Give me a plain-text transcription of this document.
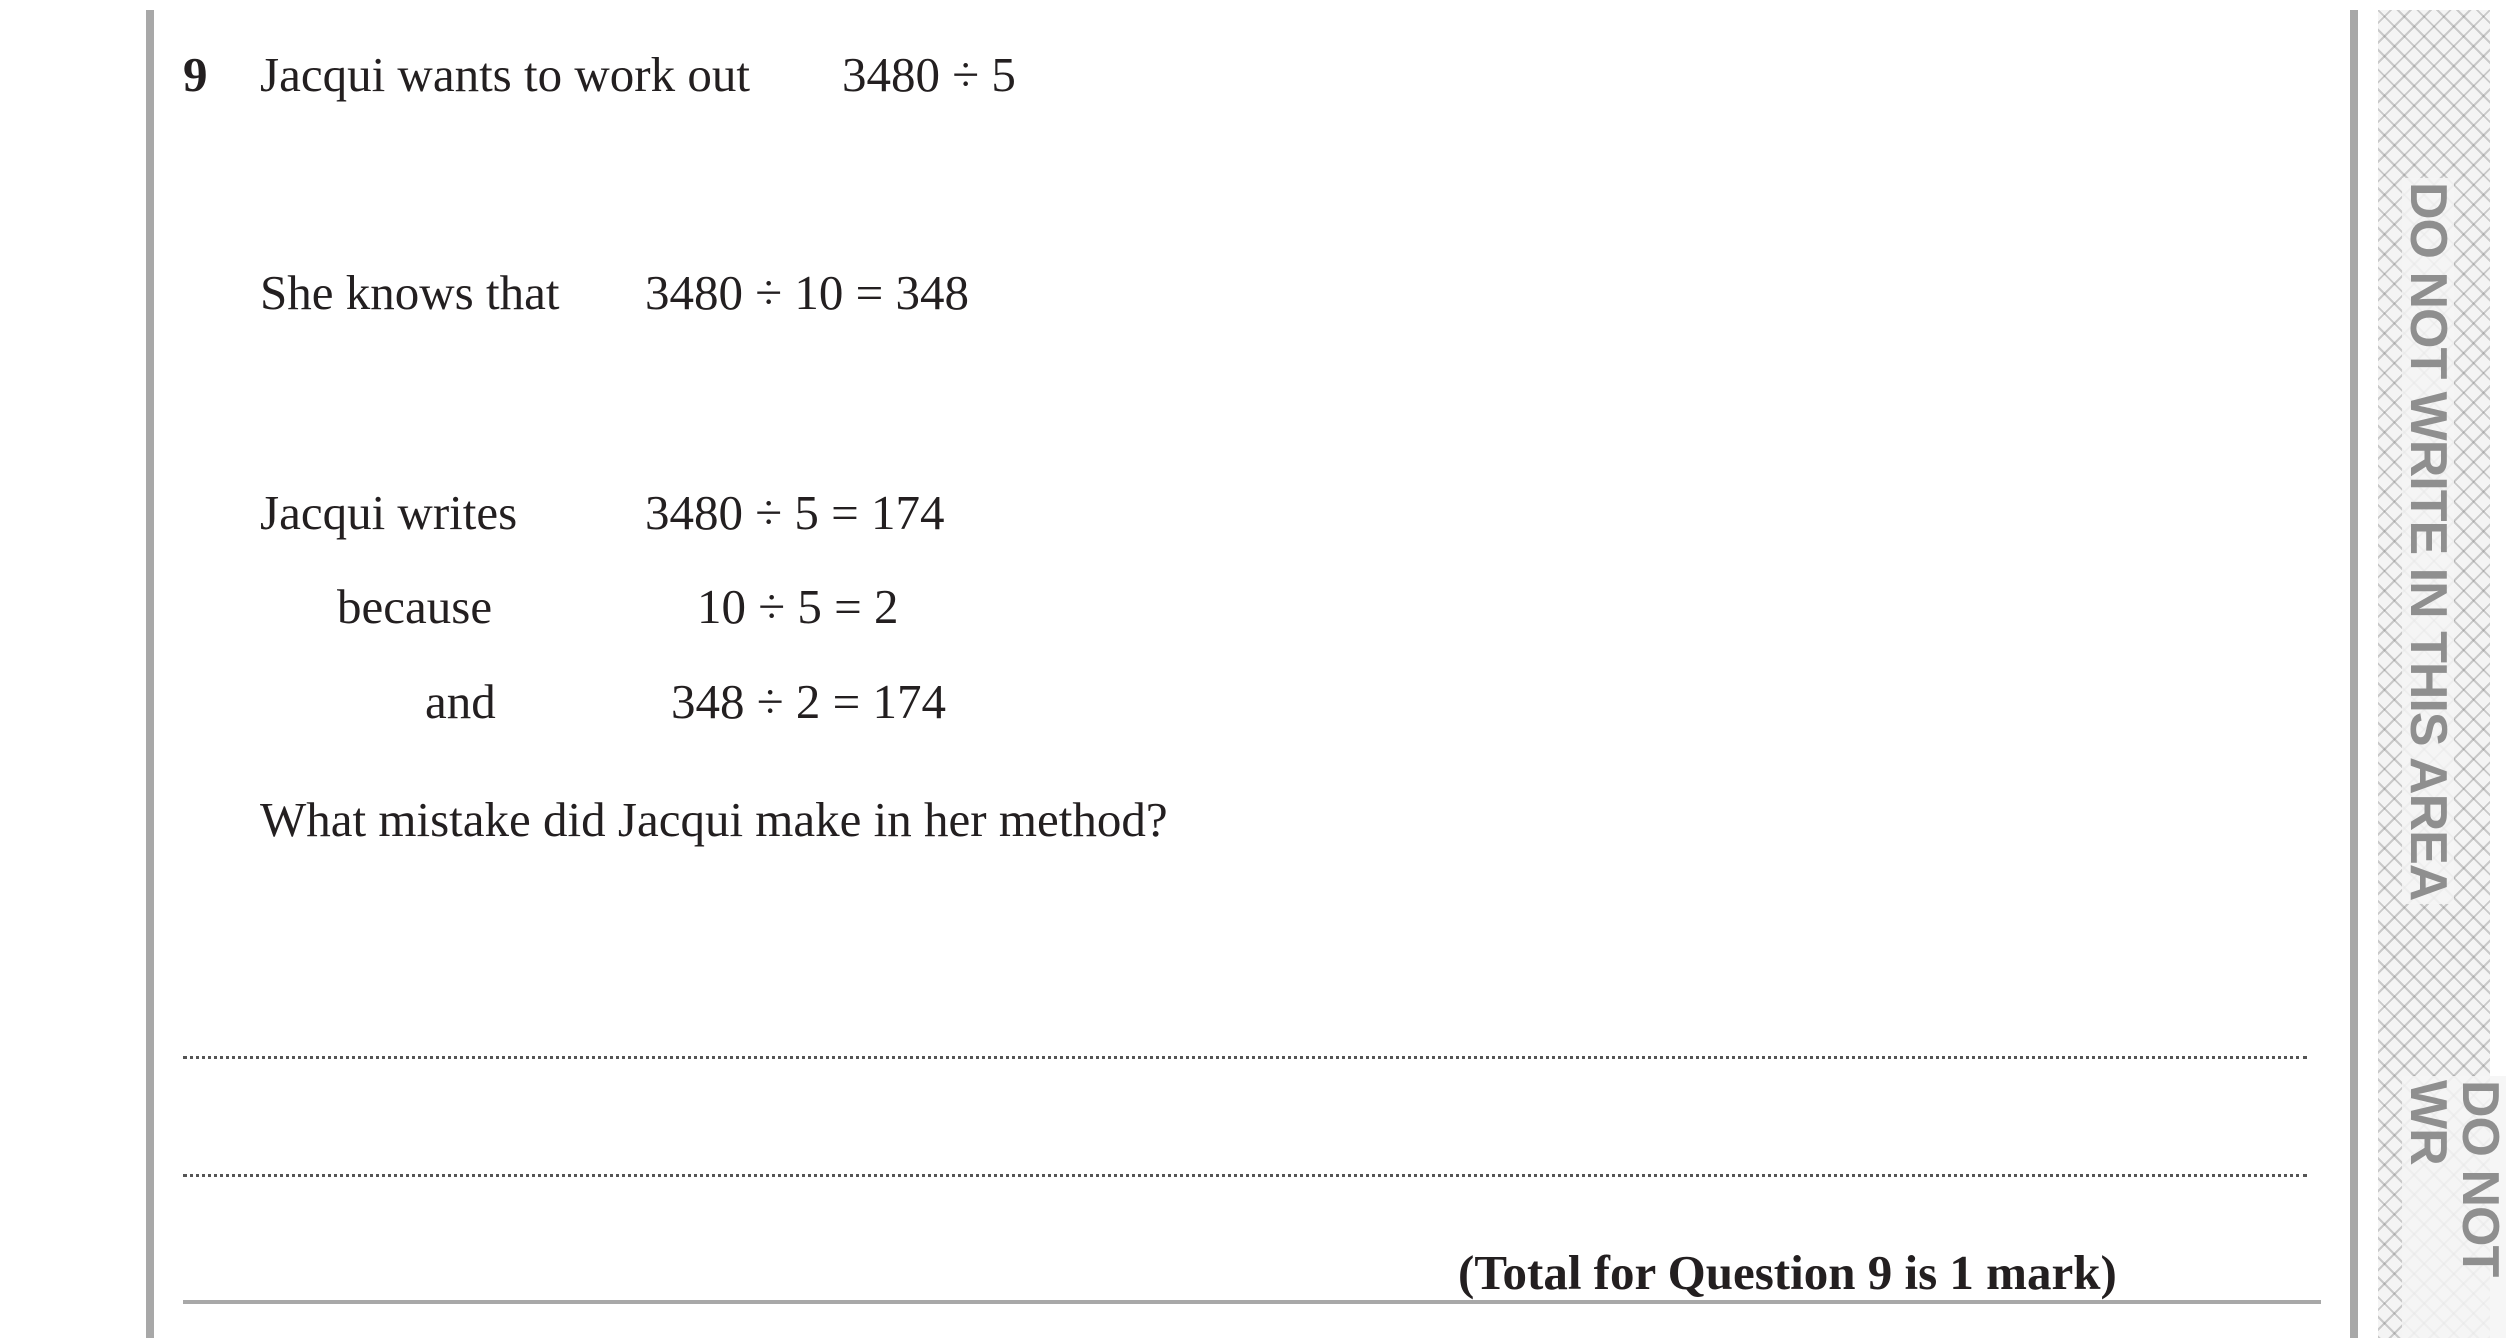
9 Jacqui wants to work out 3480 ÷ 5
She knows that 3480 ÷ 10 = 348
Jacqui writes	3480 ÷ 5 = 174
because	10 ÷ 5 = 2
and	348 ÷ 2 = 174
What mistake did Jacqui make in her method?
(Total for Question 9 is 1 mark)
DO NOT WRITE IN THIS AREA
DO NOT WR
